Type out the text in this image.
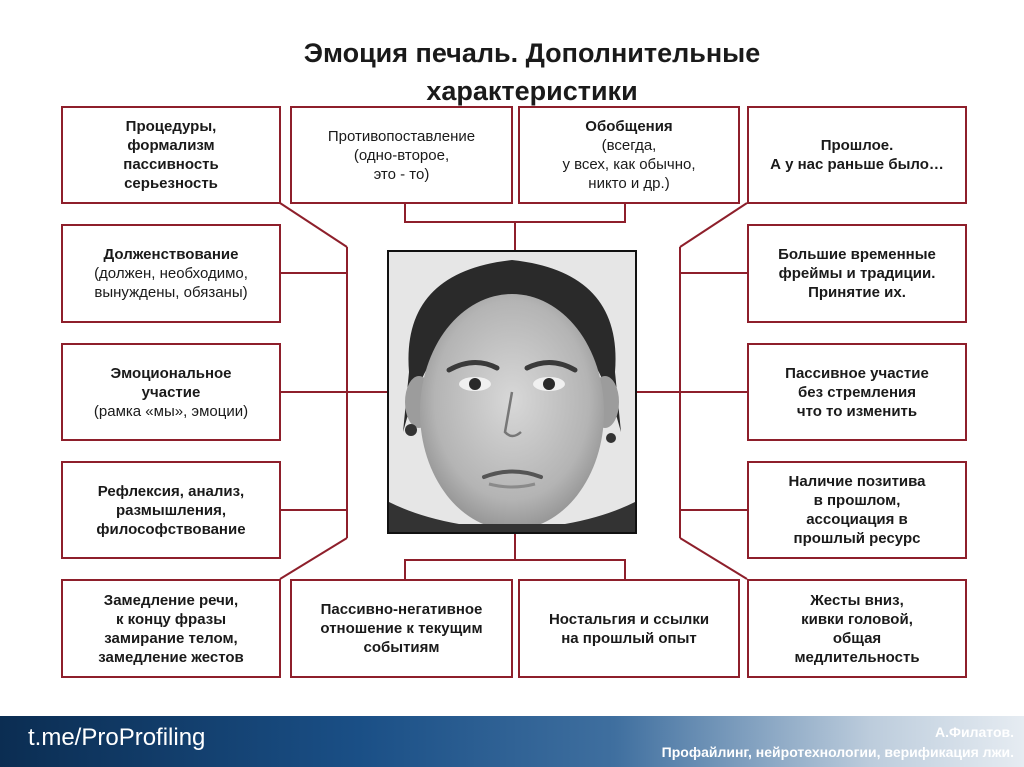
Эмоция печаль. Дополнительные
характеристики
Процедуры,
формализм
пассивность
серьезность
Противопоставление
(одно-второе,
это - то)
Обобщения
(всегда,
у всех, как обычно,
никто и др.)
Прошлое.
А у нас раньше было…
Долженствование
(должен, необходимо,
вынуждены, обязаны)
Эмоциональное
участие
(рамка «мы», эмоции)
Рефлексия, анализ,
размышления,
философствование
Большие временные
фреймы и традиции.
Принятие их.
Пассивное участие
без стремления
что то изменить
Наличие позитива
в прошлом,
ассоциация в
прошлый ресурс
Замедление речи,
к концу фразы
замирание телом,
замедление жестов
Пассивно-негативное
отношение к текущим
событиям
Ностальгия и ссылки
на прошлый опыт
Жесты вниз,
кивки головой,
общая
медлительность
t.me/ProProfiling	А.Филатов.
Профайлинг, нейротехнологии, верификация лжи.
